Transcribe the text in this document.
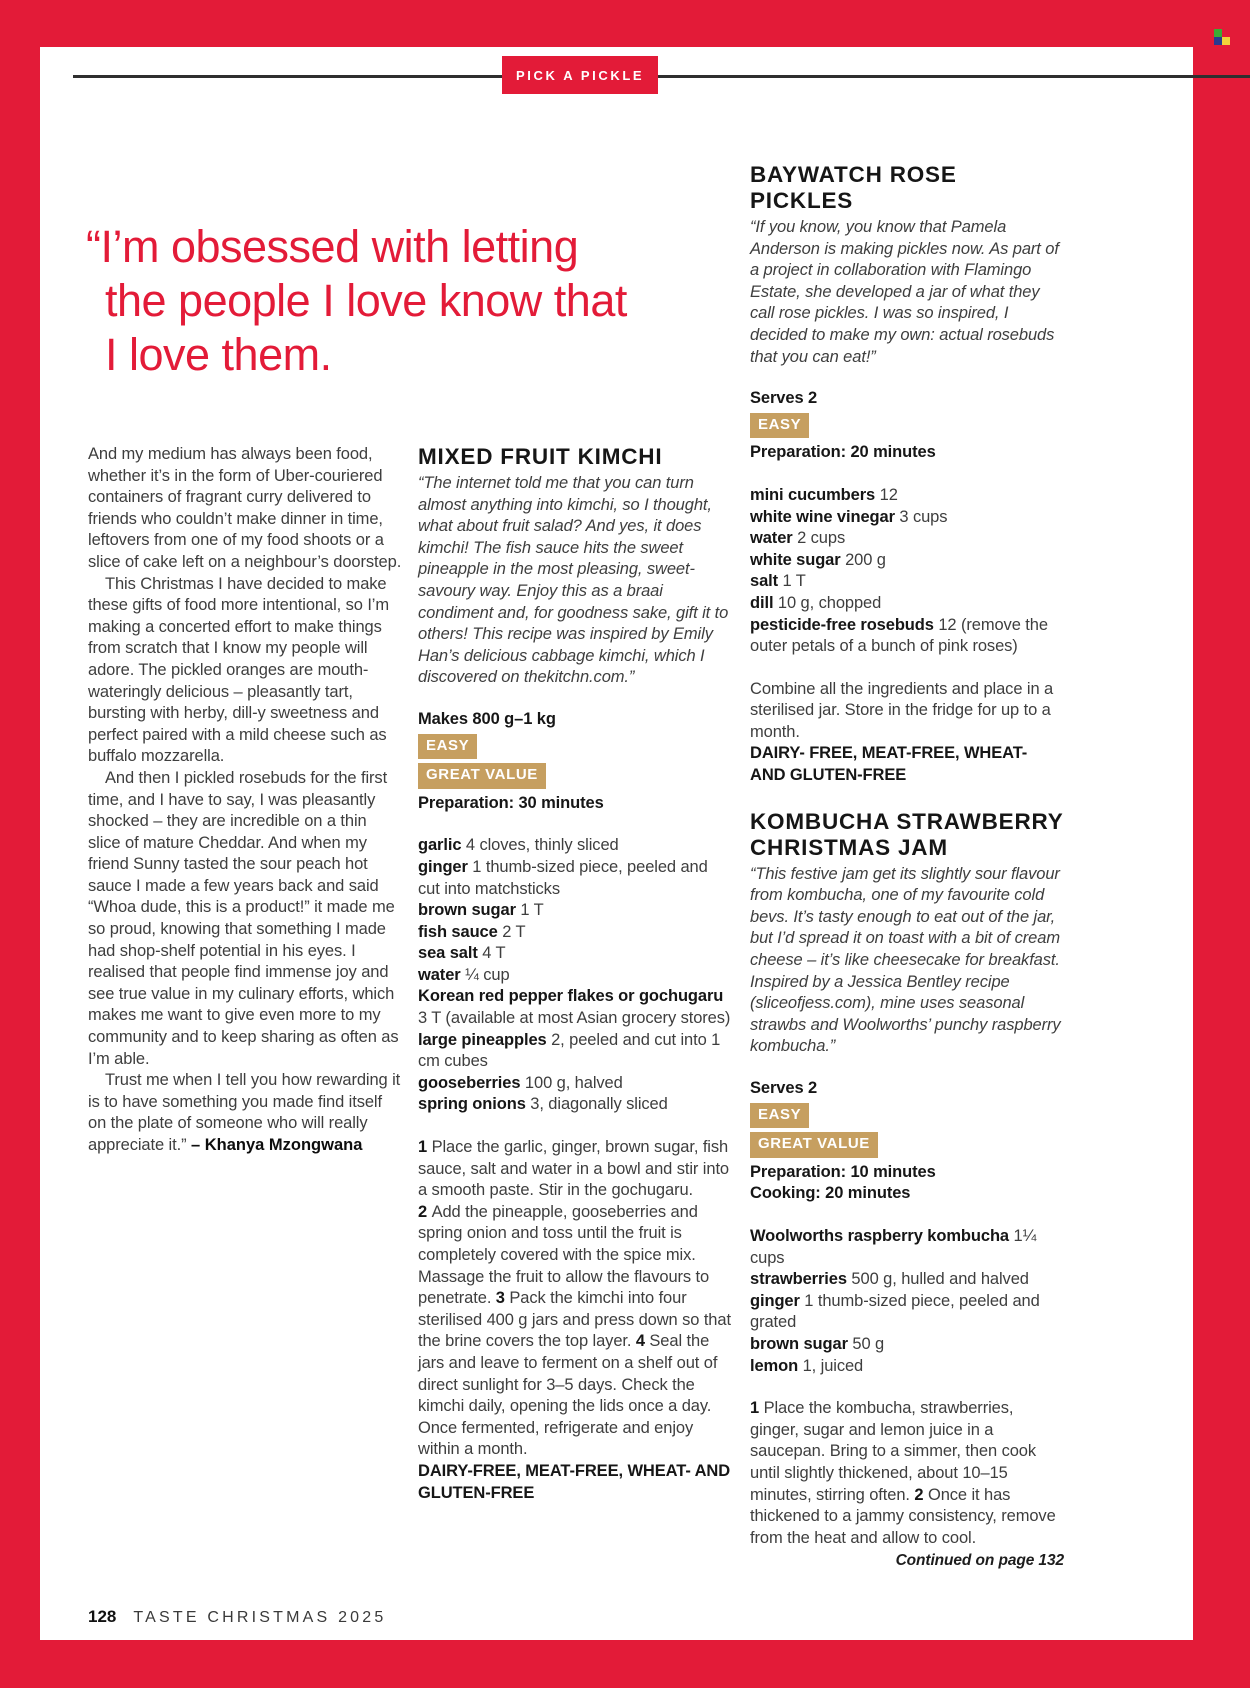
PICK A PICKLE
“I’m obsessed with letting
the people I love know that
I love them.

And my medium has always been food, whether it’s in the form of Uber-couriered containers of fragrant curry delivered to friends who couldn’t make dinner in time, leftovers from one of my food shoots or a slice of cake left on a neighbour’s doorstep.

This Christmas I have decided to make these gifts of food more intentional, so I’m making a concerted effort to make things from scratch that I know my people will adore. The pickled oranges are mouth-wateringly delicious – pleasantly tart, bursting with herby, dill-y sweetness and perfect paired with a mild cheese such as buffalo mozzarella.

And then I pickled rosebuds for the first time, and I have to say, I was pleasantly shocked – they are incredible on a thin slice of mature Cheddar. And when my friend Sunny tasted the sour peach hot sauce I made a few years back and said “Whoa dude, this is a product!” it made me so proud, knowing that something I made had shop-shelf potential in his eyes. I realised that people find immense joy and see true value in my culinary efforts, which makes me want to give even more to my community and to keep sharing as often as I’m able.

Trust me when I tell you how rewarding it is to have something you made find itself on the plate of someone who will really appreciate it.” – Khanya Mzongwana

MIXED FRUIT KIMCHI

“The internet told me that you can turn almost anything into kimchi, so I thought, what about fruit salad? And yes, it does kimchi! The fish sauce hits the sweet pineapple in the most pleasing, sweet-savoury way. Enjoy this as a braai condiment and, for goodness sake, gift it to others! This recipe was inspired by Emily Han’s delicious cabbage kimchi, which I discovered on thekitchn.com.”

Makes 800 g–1 kg
EASY
GREAT VALUE
Preparation: 30 minutes
garlic 4 cloves, thinly sliced
ginger 1 thumb-sized piece, peeled and cut into matchsticks
brown sugar 1 T
fish sauce 2 T
sea salt 4 T
water ¼ cup
Korean red pepper flakes or gochugaru 3 T (available at most Asian grocery stores)
large pineapples 2, peeled and cut into 1 cm cubes
gooseberries 100 g, halved
spring onions 3, diagonally sliced

1 Place the garlic, ginger, brown sugar, fish sauce, salt and water in a bowl and stir into a smooth paste. Stir in the gochugaru. 2 Add the pineapple, gooseberries and spring onion and toss until the fruit is completely covered with the spice mix. Massage the fruit to allow the flavours to penetrate. 3 Pack the kimchi into four sterilised 400 g jars and press down so that the brine covers the top layer. 4 Seal the jars and leave to ferment on a shelf out of direct sunlight for 3–5 days. Check the kimchi daily, opening the lids once a day. Once fermented, refrigerate and enjoy within a month.

DAIRY-FREE, MEAT-FREE, WHEAT- AND GLUTEN-FREE
BAYWATCH ROSE PICKLES

“If you know, you know that Pamela Anderson is making pickles now. As part of a project in collaboration with Flamingo Estate, she developed a jar of what they call rose pickles. I was so inspired, I decided to make my own: actual rosebuds that you can eat!”

Serves 2
EASY
Preparation: 20 minutes
mini cucumbers 12
white wine vinegar 3 cups
water 2 cups
white sugar 200 g
salt 1 T
dill 10 g, chopped
pesticide-free rosebuds 12 (remove the outer petals of a bunch of pink roses)

Combine all the ingredients and place in a sterilised jar. Store in the fridge for up to a month.

DAIRY- FREE, MEAT-FREE, WHEAT- AND GLUTEN-FREE
KOMBUCHA STRAWBERRY CHRISTMAS JAM

“This festive jam get its slightly sour flavour from kombucha, one of my favourite cold bevs. It’s tasty enough to eat out of the jar, but I’d spread it on toast with a bit of cream cheese – it’s like cheesecake for breakfast. Inspired by a Jessica Bentley recipe (sliceofjess.com), mine uses seasonal strawbs and Woolworths’ punchy raspberry kombucha.”

Serves 2
EASY
GREAT VALUE
Preparation: 10 minutes
Cooking: 20 minutes
Woolworths raspberry kombucha 1¼ cups
strawberries 500 g, hulled and halved
ginger 1 thumb-sized piece, peeled and grated
brown sugar 50 g
lemon 1, juiced

1 Place the kombucha, strawberries, ginger, sugar and lemon juice in a saucepan. Bring to a simmer, then cook until slightly thickened, about 10–15 minutes, stirring often. 2 Once it has thickened to a jammy consistency, remove from the heat and allow to cool.

Continued on page 132
128 TASTE CHRISTMAS 2025
